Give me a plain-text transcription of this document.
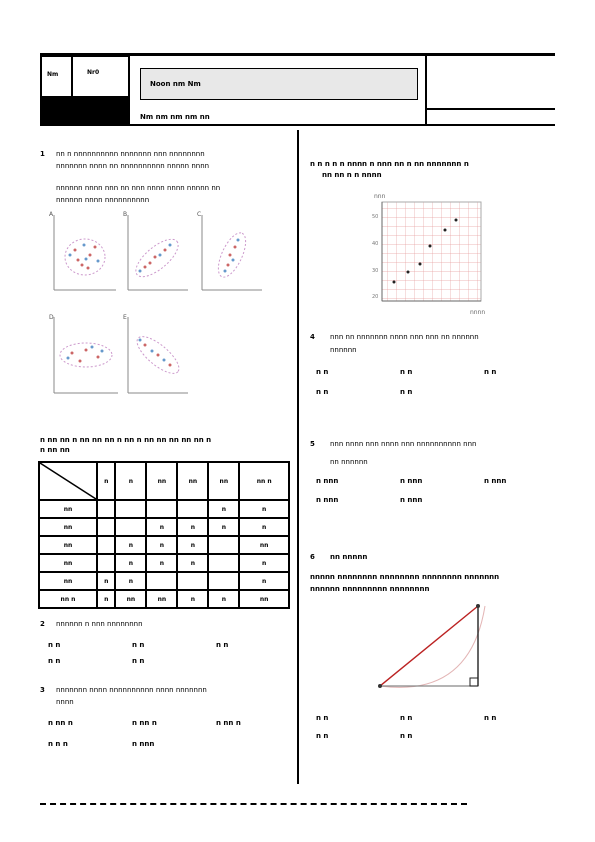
Nm	Nr0
Noon nm Nm
Nm nm nm nm nn
1 nn n nnnnnnnnnn nnnnnnn nnn nnnnnnnn
nnnnnnn nnnn nn nnnnnnnnnn nnnnn nnnn
nnnnnn nnnn nnn nn nnn nnnn nnnn nnnnn nn
nnnnnn nnnn nnnnnnnnnn
A	B	C
D	E
n nn nn n nn nn nn n nn n nn nn nn nn nn n
n nn nn
	n	n	nn	nn	nn	nn n
nn					n	n
nn			n	n	n	n
nn		n	n	n		nn
nn		n	n	n		n
nn	n	n				n
nn n	n	nn	nn	n	n	nn
2 nnnnnn n nnn nnnnnnnn
n n	n n	n n
n n	n n
3 nnnnnnn nnnn nnnnnnnnnn nnnn nnnnnnn
nnnn
n nn n	n nn n	n nn n
n n n	n nnn
n n n n n nnnn n nnn nn n nn nnnnnnn n
nn nn n n nnnn
50
40
30
20
nnn
nnnn
4 nnn nn nnnnnnn nnnn nnn nnn nn nnnnnn
nnnnnn
n n	n n	n n
n n	n n
5 nnn nnnn nnn nnnn nnn nnnnnnnnnn nnn
nn nnnnnn
n nnn	n nnn	n nnn
n nnn	n nnn
6 nn nnnnn
nnnnn nnnnnnnn nnnnnnnn nnnnnnnn nnnnnnn
nnnnnn nnnnnnnnn nnnnnnnn
n n	n n	n n
n n	n n
